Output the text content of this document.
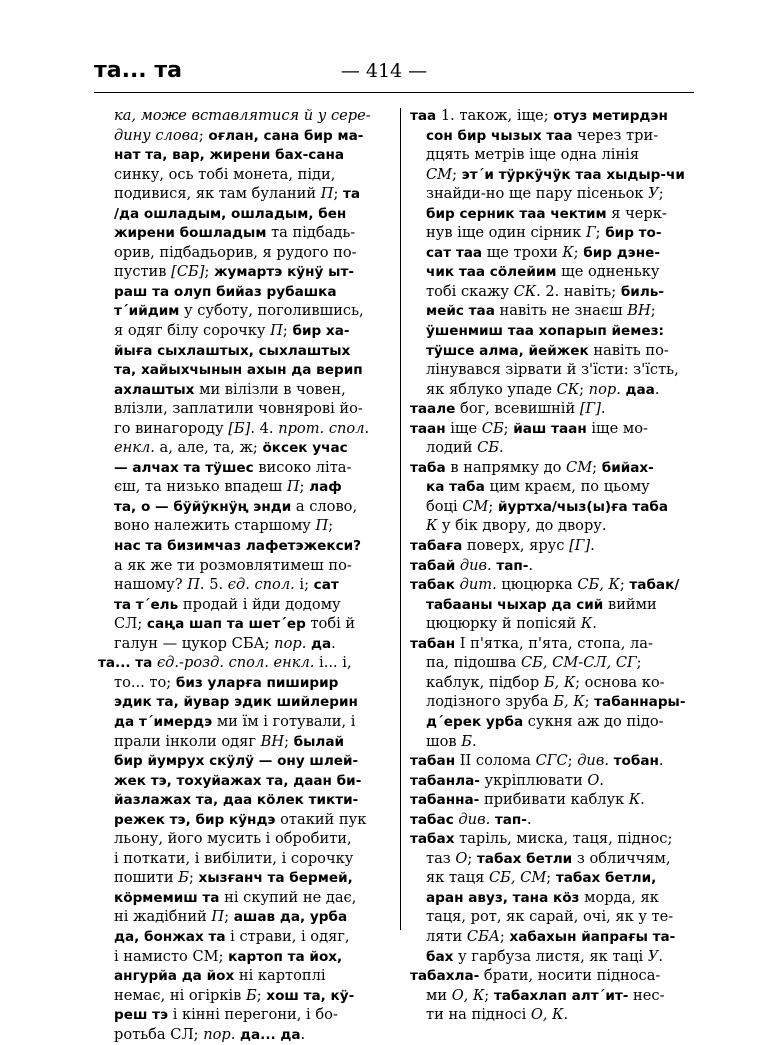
та... та	— 414 —
ка, може вставлятися й у сере-
дину слова; оғлан, сана бир ма-
нат та, вар, жирени бах-сана
синку, ось тобі монета, піди,
подивися, як там буланий П; та
/да ошладым, ошладым, бен
жирени бошладым та підбадь-
орив, підбадьорив, я рудого по-
пустив [СБ]; жумартэ кӱнӱ ыт-
раш та олуп бийаз рубашка
т´ийдим у суботу, поголившись,
я одяг білу сорочку П; бир ха-
йыға сыхлаштых, сыхлаштых
та, хайыхчынын ахын да верип
ахлаштых ми вілізли в човен,
влізли, заплатили човнярові йо-
го винагороду [Б]. 4. прот. спол.
енкл. а, але, та, ж; öксек учас
— алчах та тӱшес високо літа-
єш, та низько впадеш П; лаф
та, о — бӱйӱкнӱң энди а слово,
воно належить старшому П;
нас та бизимчаз лафетэжекси?
а як же ти розмовлятимеш по-
нашому? П. 5. єд. спол. і; сат
та т´ель продай і йди додому
СЛ; саңа шап та шет´ер тобі й
галун — цукор СБА; пор. да.
та... та єд.-розд. спол. енкл. і... і,
то... то; биз уларға пиширир
эдик та, йувар эдик шийлерин
да т´имердэ ми їм і готували, і
прали інколи одяг ВН; былай
бир йумрух скӱлӱ — ону шлей-
жек тэ, тохуйажах та, даан би-
йазлажах та, даа кöлек тикти-
режек тэ, бир кӱндэ отакий пук
льону, його мусить і обробити,
і поткати, і вибілити, і сорочку
пошити Б; хызғанч та бермей,
кöрмемиш та ні скупий не дає,
ні жадібний П; ашав да, урба
да, бонжах та і страви, і одяг,
і намисто СМ; картоп та йох,
ангурйа да йох ні картоплі
немає, ні огірків Б; хош та, кӱ-
реш тэ і кінні перегони, і бо-
ротьба СЛ; пор. да... да.
таа 1. також, іще; отуз метирдэн
сон бир чызых таа через три-
дцять метрів іще одна лінія
СМ; эт´и тӱркӱчӱк таа хыдыр-чи
знайди-но ще пару пісеньок У;
бир серник таа чектим я черк-
нув іще один сірник Г; бир то-
сат таа ще трохи К; бир дэне-
чик таа сöлейим ще одненьку
тобі скажу СК. 2. навіть; биль-
мейс таа навіть не знаєш ВН;
ӱшенмиш таа хопарып йемез:
тӱшсе алма, йейжек навіть по-
лінувався зірвати й з'їсти: з'їсть,
як яблуко упаде СК; пор. даа.
таале бог, всевишній [Г].
таан іще СБ; йаш таан іще мо-
лодий СБ.
таба в напрямку до СМ; бийах-
ка таба цим краєм, по цьому
боці СМ; йуртха/чыз(ы)ға таба
К у бік двору, до двору.
табаға поверх, ярус [Г].
табай див. тап-.
табак дит. цюцюрка СБ, К; табак/
табааны чыхар да сий вийми
цюцюрку й попісяй К.
табан I п'ятка, п'ята, стопа, ла-
па, підошва СБ, СМ-СЛ, СГ;
каблук, підбор Б, К; основа ко-
лодізного зруба Б, К; табаннары-
д´ерек урба сукня аж до підо-
шов Б.
табан II солома СГС; див. тобан.
табанла- укріплювати О.
табанна- прибивати каблук К.
табас див. тап-.
табах таріль, миска, таця, піднос;
таз О; табах бетли з обличчям,
як таця СБ, СМ; табах бетли,
аран авуз, тана кöз морда, як
таця, рот, як сарай, очі, як у те-
ляти СБА; хабахын йапрағы та-
бах у гарбуза листя, як таці У.
табахла- брати, носити підноса-
ми О, К; табахлап алт´ит- нес-
ти на підносі О, К.
